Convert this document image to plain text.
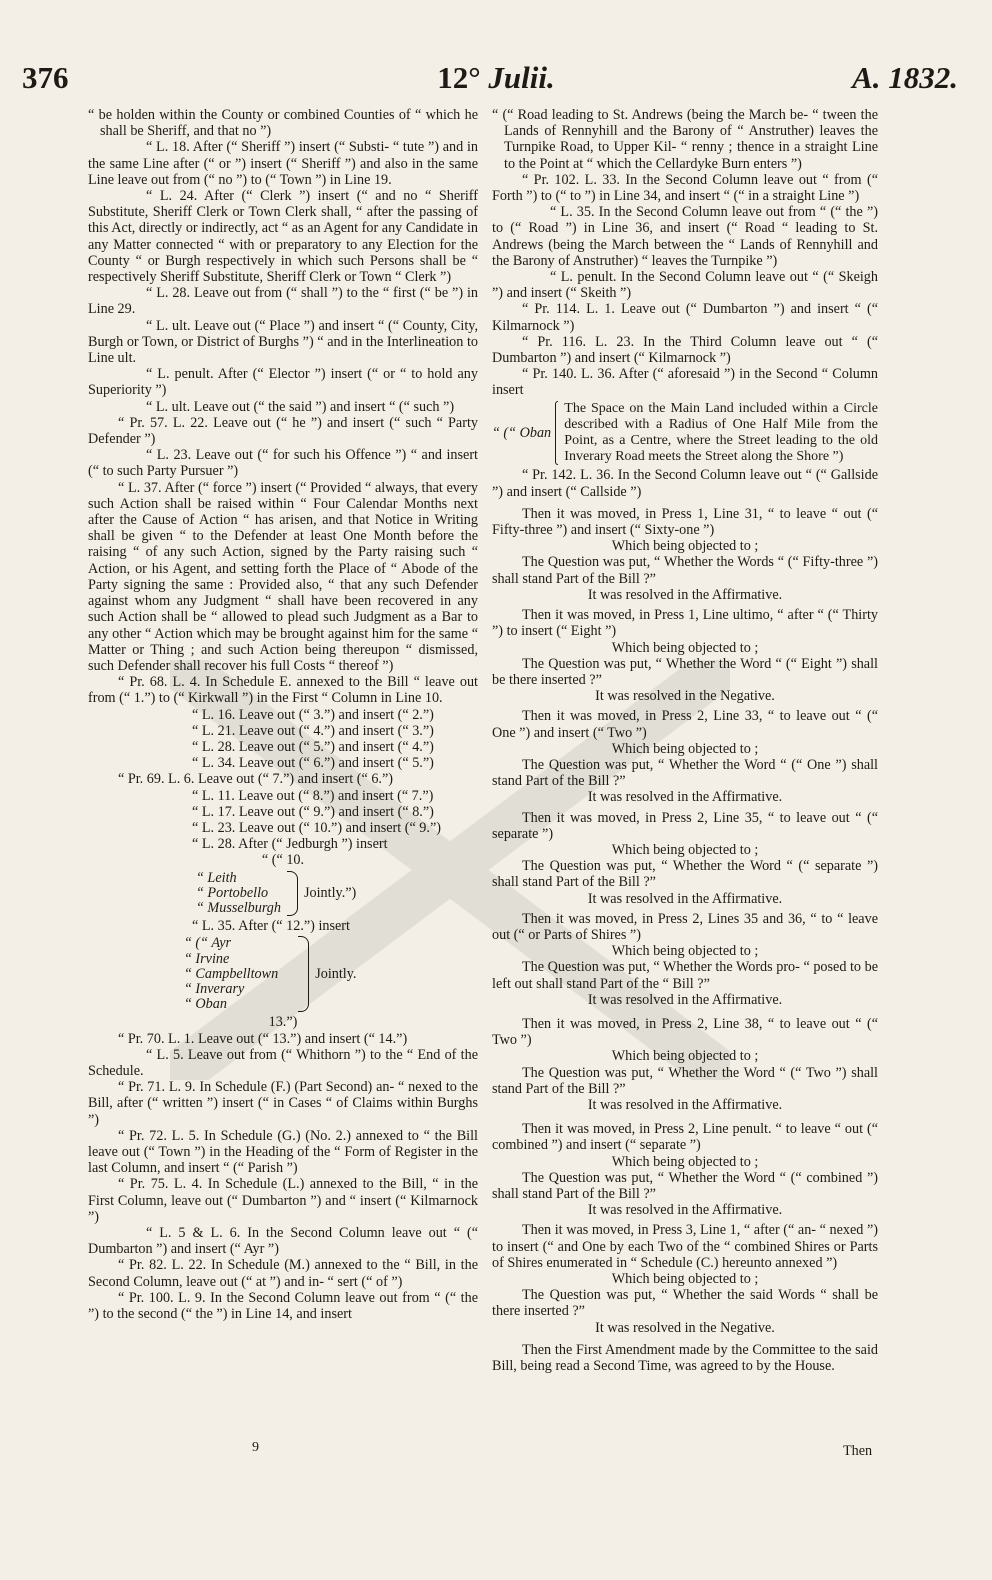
376	12° Julii.	A. 1832.

“ be holden within the County or combined Counties of “ which he shall be Sheriff, and that no ”)

“ L. 18. After (“ Sheriff ”) insert (“ Substi- “ tute ”) and in the same Line after (“ or ”) insert (“ Sheriff ”) and also in the same Line leave out from (“ no ”) to (“ Town ”) in Line 19.

“ L. 24. After (“ Clerk ”) insert (“ and no “ Sheriff Substitute, Sheriff Clerk or Town Clerk shall, “ after the passing of this Act, directly or indirectly, act “ as an Agent for any Candidate in any Matter connected “ with or preparatory to any Election for the County “ or Burgh respectively in which such Persons shall be “ respectively Sheriff Substitute, Sheriff Clerk or Town “ Clerk ”)

“ L. 28. Leave out from (“ shall ”) to the “ first (“ be ”) in Line 29.

“ L. ult. Leave out (“ Place ”) and insert “ (“ County, City, Burgh or Town, or District of Burghs ”) “ and in the Interlineation to Line ult.

“ L. penult. After (“ Elector ”) insert (“ or “ to hold any Superiority ”)

“ L. ult. Leave out (“ the said ”) and insert “ (“ such ”)

“ Pr. 57. L. 22. Leave out (“ he ”) and insert (“ such “ Party Defender ”)

“ L. 23. Leave out (“ for such his Offence ”) “ and insert (“ to such Party Pursuer ”)

“ L. 37. After (“ force ”) insert (“ Provided “ always, that every such Action shall be raised within “ Four Calendar Months next after the Cause of Action “ has arisen, and that Notice in Writing shall be given “ to the Defender at least One Month before the raising “ of any such Action, signed by the Party raising such “ Action, or his Agent, and setting forth the Place of “ Abode of the Party signing the same : Provided also, “ that any such Defender against whom any Judgment “ shall have been recovered in any such Action shall be “ allowed to plead such Judgment as a Bar to any other “ Action which may be brought against him for the same “ Matter or Thing ; and such Action being thereupon “ dismissed, such Defender shall recover his full Costs “ thereof ”)

“ Pr. 68. L. 4. In Schedule E. annexed to the Bill “ leave out from (“ 1.”) to (“ Kirkwall ”) in the First “ Column in Line 10.

“ L. 16. Leave out (“ 3.”) and insert (“ 2.”)

“ L. 21. Leave out (“ 4.”) and insert (“ 3.”)

“ L. 28. Leave out (“ 5.”) and insert (“ 4.”)

“ L. 34. Leave out (“ 6.”) and insert (“ 5.”)

“ Pr. 69. L. 6. Leave out (“ 7.”) and insert (“ 6.”)

“ L. 11. Leave out (“ 8.”) and insert (“ 7.”)

“ L. 17. Leave out (“ 9.”) and insert (“ 8.”)

“ L. 23. Leave out (“ 10.”) and insert (“ 9.”)

“ L. 28. After (“ Jedburgh ”) insert

“ (“ 10.

“ Leith
“ Portobello
“ Musselburgh
Jointly.”)

“ L. 35. After (“ 12.”) insert

“ (“ Ayr
“ Irvine
“ Campbelltown
“ Inverary
“ Oban
Jointly.

13.”)

“ Pr. 70. L. 1. Leave out (“ 13.”) and insert (“ 14.”)

“ L. 5. Leave out from (“ Whithorn ”) to the “ End of the Schedule.

“ Pr. 71. L. 9. In Schedule (F.) (Part Second) an- “ nexed to the Bill, after (“ written ”) insert (“ in Cases “ of Claims within Burghs ”)

“ Pr. 72. L. 5. In Schedule (G.) (No. 2.) annexed to “ the Bill leave out (“ Town ”) in the Heading of the “ Form of Register in the last Column, and insert “ (“ Parish ”)

“ Pr. 75. L. 4. In Schedule (L.) annexed to the Bill, “ in the First Column, leave out (“ Dumbarton ”) and “ insert (“ Kilmarnock ”)

“ L. 5 & L. 6. In the Second Column leave out “ (“ Dumbarton ”) and insert (“ Ayr ”)

“ Pr. 82. L. 22. In Schedule (M.) annexed to the “ Bill, in the Second Column, leave out (“ at ”) and in- “ sert (“ of ”)

“ Pr. 100. L. 9. In the Second Column leave out from “ (“ the ”) to the second (“ the ”) in Line 14, and insert

9

“ (“ Road leading to St. Andrews (being the March be- “ tween the Lands of Rennyhill and the Barony of “ Anstruther) leaves the Turnpike Road, to Upper Kil- “ renny ; thence in a straight Line to the Point at “ which the Cellardyke Burn enters ”)

“ Pr. 102. L. 33. In the Second Column leave out “ from (“ Forth ”) to (“ to ”) in Line 34, and insert “ (“ in a straight Line ”)

“ L. 35. In the Second Column leave out from “ (“ the ”) to (“ Road ”) in Line 36, and insert (“ Road “ leading to St. Andrews (being the March between the “ Lands of Rennyhill and the Barony of Anstruther) “ leaves the Turnpike ”)

“ L. penult. In the Second Column leave out “ (“ Skeigh ”) and insert (“ Skeith ”)

“ Pr. 114. L. 1. Leave out (“ Dumbarton ”) and insert “ (“ Kilmarnock ”)

“ Pr. 116. L. 23. In the Third Column leave out “ (“ Dumbarton ”) and insert (“ Kilmarnock ”)

“ Pr. 140. L. 36. After (“ aforesaid ”) in the Second “ Column insert

“ (“ Oban
The Space on the Main Land included within a Circle described with a Radius of One Half Mile from the Point, as a Centre, where the Street leading to the old Inverary Road meets the Street along the Shore ”)

“ Pr. 142. L. 36. In the Second Column leave out “ (“ Gallside ”) and insert (“ Callside ”)

Then it was moved, in Press 1, Line 31, “ to leave “ out (“ Fifty-three ”) and insert (“ Sixty-one ”)

Which being objected to ;

The Question was put, “ Whether the Words “ (“ Fifty-three ”) shall stand Part of the Bill ?”

It was resolved in the Affirmative.

Then it was moved, in Press 1, Line ultimo, “ after “ (“ Thirty ”) to insert (“ Eight ”)

Which being objected to ;

The Question was put, “ Whether the Word “ (“ Eight ”) shall be there inserted ?”

It was resolved in the Negative.

Then it was moved, in Press 2, Line 33, “ to leave out “ (“ One ”) and insert (“ Two ”)

Which being objected to ;

The Question was put, “ Whether the Word “ (“ One ”) shall stand Part of the Bill ?”

It was resolved in the Affirmative.

Then it was moved, in Press 2, Line 35, “ to leave out “ (“ separate ”)

Which being objected to ;

The Question was put, “ Whether the Word “ (“ separate ”) shall stand Part of the Bill ?”

It was resolved in the Affirmative.

Then it was moved, in Press 2, Lines 35 and 36, “ to “ leave out (“ or Parts of Shires ”)

Which being objected to ;

The Question was put, “ Whether the Words pro- “ posed to be left out shall stand Part of the “ Bill ?”

It was resolved in the Affirmative.

Then it was moved, in Press 2, Line 38, “ to leave out “ (“ Two ”)

Which being objected to ;

The Question was put, “ Whether the Word “ (“ Two ”) shall stand Part of the Bill ?”

It was resolved in the Affirmative.

Then it was moved, in Press 2, Line penult. “ to leave “ out (“ combined ”) and insert (“ separate ”)

Which being objected to ;

The Question was put, “ Whether the Word “ (“ combined ”) shall stand Part of the Bill ?”

It was resolved in the Affirmative.

Then it was moved, in Press 3, Line 1, “ after (“ an- “ nexed ”) to insert (“ and One by each Two of the “ combined Shires or Parts of Shires enumerated in “ Schedule (C.) hereunto annexed ”)

Which being objected to ;

The Question was put, “ Whether the said Words “ shall be there inserted ?”

It was resolved in the Negative.

Then the First Amendment made by the Committee to the said Bill, being read a Second Time, was agreed to by the House.

Then
